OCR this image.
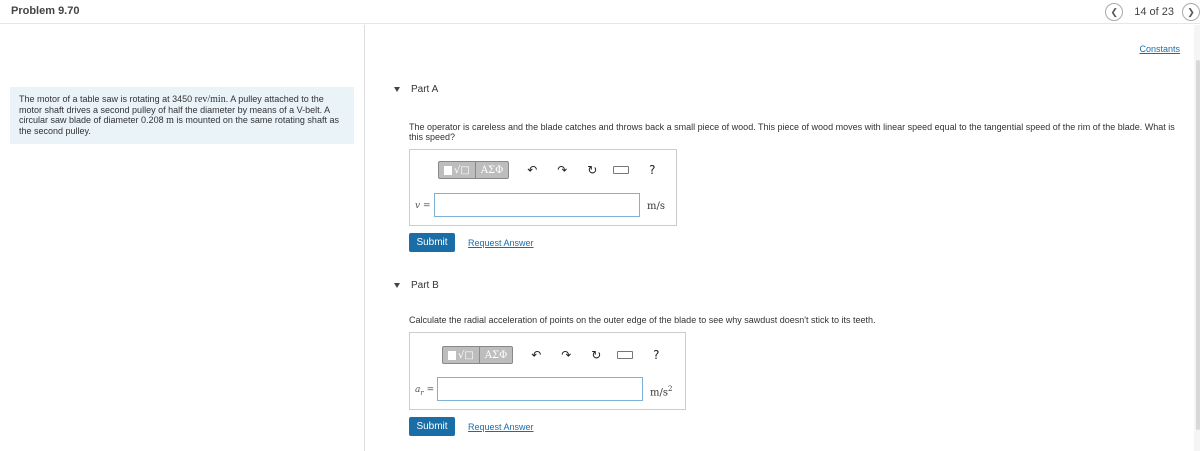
Problem 9.70	❮ 14 of 23 ❯
The motor of a table saw is rotating at 3450 rev/min. A pulley attached to the motor shaft drives a second pulley of half the diameter by means of a V-belt. A circular saw blade of diameter 0.208 m is mounted on the same rotating shaft as the second pulley.
Constants
Part A
The operator is careless and the blade catches and throws back a small piece of wood. This piece of wood moves with linear speed equal to the tangential speed of the rim of the blade. What is this speed?
√□	ΑΣΦ	↶ ↷ ↻	?
v =	m/s
Submit	Request Answer
Part B
Calculate the radial acceleration of points on the outer edge of the blade to see why sawdust doesn't stick to its teeth.
√□	ΑΣΦ	↶ ↷ ↻	?
$a_r$ =	$m/s^2$
Submit	Request Answer
